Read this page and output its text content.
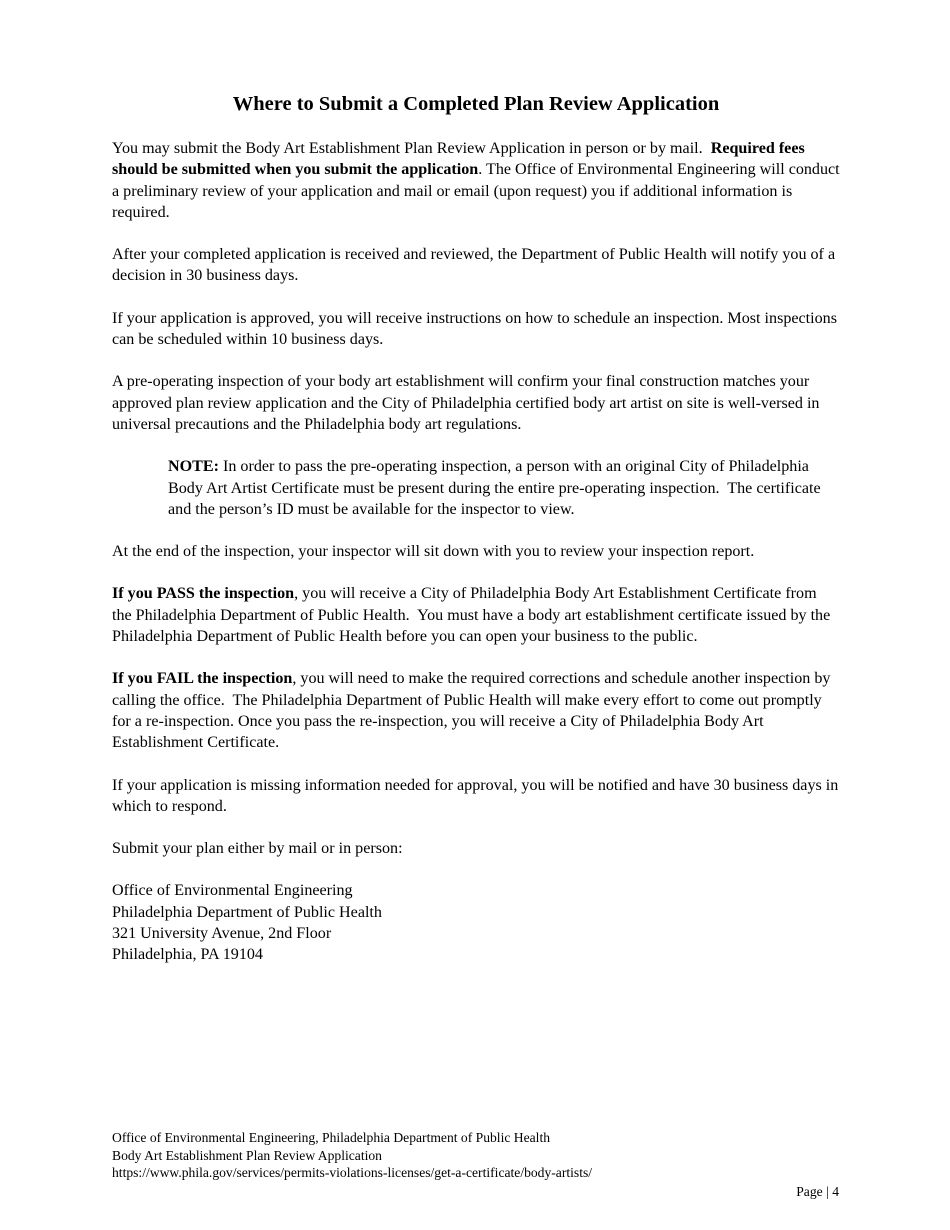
Where to Submit a Completed Plan Review Application

You may submit the Body Art Establishment Plan Review Application in person or by mail.  Required fees should be submitted when you submit the application. The Office of Environmental Engineering will conduct a preliminary review of your application and mail or email (upon request) you if additional information is required.

After your completed application is received and reviewed, the Department of Public Health will notify you of a decision in 30 business days.

If your application is approved, you will receive instructions on how to schedule an inspection. Most inspections can be scheduled within 10 business days.

A pre-operating inspection of your body art establishment will confirm your final construction matches your approved plan review application and the City of Philadelphia certified body art artist on site is well-versed in universal precautions and the Philadelphia body art regulations.

NOTE: In order to pass the pre-operating inspection, a person with an original City of Philadelphia Body Art Artist Certificate must be present during the entire pre-operating inspection.  The certificate and the person’s ID must be available for the inspector to view.

At the end of the inspection, your inspector will sit down with you to review your inspection report.

If you PASS the inspection, you will receive a City of Philadelphia Body Art Establishment Certificate from the Philadelphia Department of Public Health.  You must have a body art establishment certificate issued by the Philadelphia Department of Public Health before you can open your business to the public.

If you FAIL the inspection, you will need to make the required corrections and schedule another inspection by calling the office.  The Philadelphia Department of Public Health will make every effort to come out promptly for a re-inspection. Once you pass the re-inspection, you will receive a City of Philadelphia Body Art Establishment Certificate.

If your application is missing information needed for approval, you will be notified and have 30 business days in which to respond.

Submit your plan either by mail or in person:

Office of Environmental Engineering
Philadelphia Department of Public Health
321 University Avenue, 2nd Floor
Philadelphia, PA 19104
Office of Environmental Engineering, Philadelphia Department of Public Health
Body Art Establishment Plan Review Application
https://www.phila.gov/services/permits-violations-licenses/get-a-certificate/body-artists/
Page | 4
